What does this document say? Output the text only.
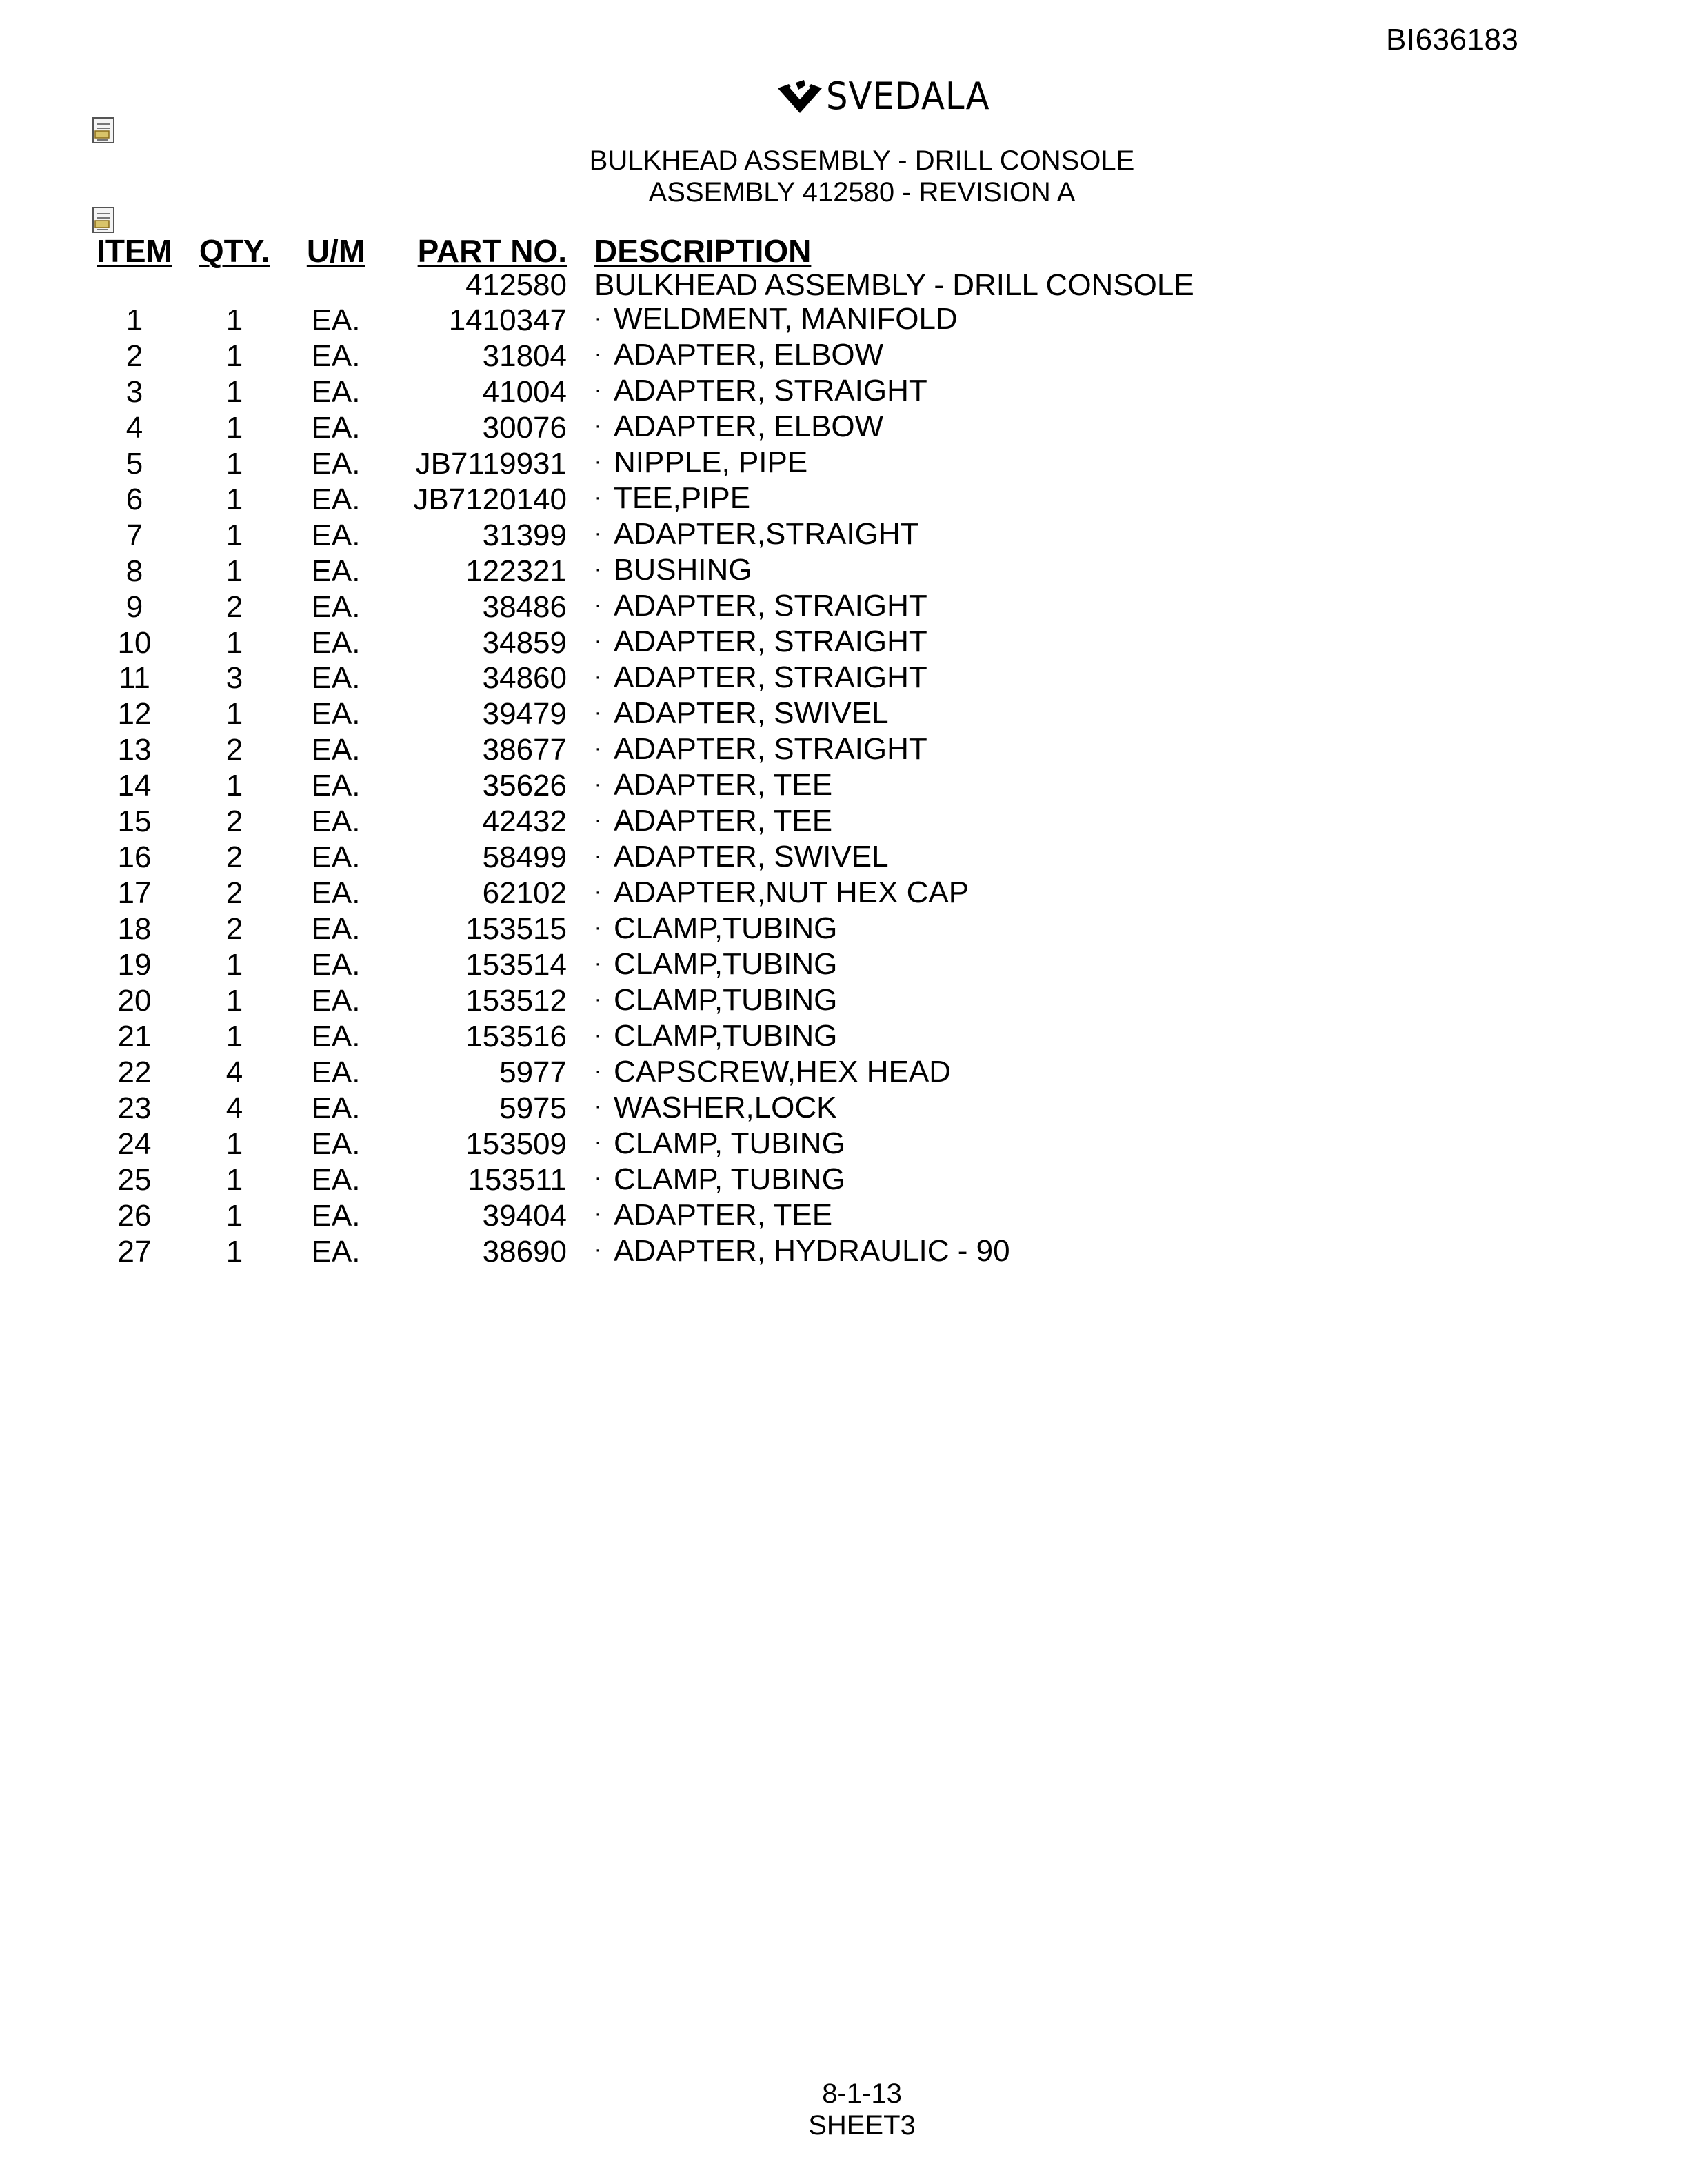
BI636183
SVEDALA
BULKHEAD ASSEMBLY - DRILL CONSOLE
ASSEMBLY 412580 - REVISION A
ITEM	QTY.	U/M	PART NO.	DESCRIPTION
			412580	BULKHEAD ASSEMBLY - DRILL CONSOLE
1	1	EA.	1410347	· WELDMENT, MANIFOLD
2	1	EA.	31804	· ADAPTER, ELBOW
3	1	EA.	41004	· ADAPTER, STRAIGHT
4	1	EA.	30076	· ADAPTER, ELBOW
5	1	EA.	JB7119931	· NIPPLE, PIPE
6	1	EA.	JB7120140	· TEE,PIPE
7	1	EA.	31399	· ADAPTER,STRAIGHT
8	1	EA.	122321	· BUSHING
9	2	EA.	38486	· ADAPTER, STRAIGHT
10	1	EA.	34859	· ADAPTER, STRAIGHT
11	3	EA.	34860	· ADAPTER, STRAIGHT
12	1	EA.	39479	· ADAPTER, SWIVEL
13	2	EA.	38677	· ADAPTER, STRAIGHT
14	1	EA.	35626	· ADAPTER, TEE
15	2	EA.	42432	· ADAPTER, TEE
16	2	EA.	58499	· ADAPTER, SWIVEL
17	2	EA.	62102	· ADAPTER,NUT HEX CAP
18	2	EA.	153515	· CLAMP,TUBING
19	1	EA.	153514	· CLAMP,TUBING
20	1	EA.	153512	· CLAMP,TUBING
21	1	EA.	153516	· CLAMP,TUBING
22	4	EA.	5977	· CAPSCREW,HEX HEAD
23	4	EA.	5975	· WASHER,LOCK
24	1	EA.	153509	· CLAMP, TUBING
25	1	EA.	153511	· CLAMP, TUBING
26	1	EA.	39404	· ADAPTER, TEE
27	1	EA.	38690	· ADAPTER, HYDRAULIC - 90
8-1-13
SHEET3
